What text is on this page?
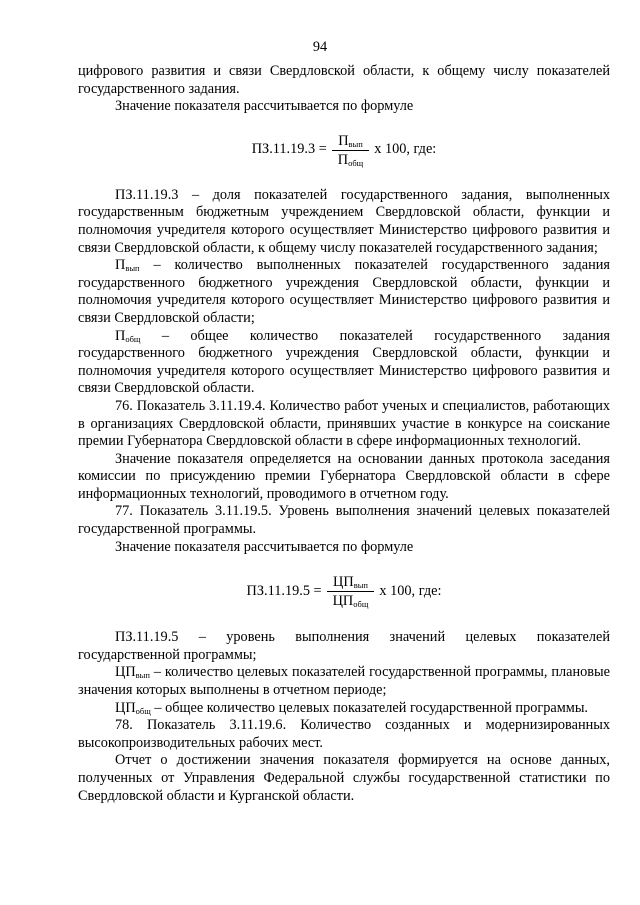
94

цифрового развития и связи Свердловской области, к общему числу показателей государственного задания.

Значение показателя рассчитывается по формуле

$ПЗ.11.19.3 = \frac{П_{вып}}{П_{общ}}$ х 100, где:

ПЗ.11.19.3 – доля показателей государственного задания, выполненных государственным бюджетным учреждением Свердловской области, функции и полномочия учредителя которого осуществляет Министерство цифрового развития и связи Свердловской области, к общему числу показателей государственного задания;

$П_{вып}$ – количество выполненных показателей государственного задания государственного бюджетного учреждения Свердловской области, функции и полномочия учредителя которого осуществляет Министерство цифрового развития и связи Свердловской области;

$П_{общ}$ – общее количество показателей государственного задания государственного бюджетного учреждения Свердловской области, функции и полномочия учредителя которого осуществляет Министерство цифрового развития и связи Свердловской области.

76. Показатель 3.11.19.4. Количество работ ученых и специалистов, работающих в организациях Свердловской области, принявших участие в конкурсе на соискание премии Губернатора Свердловской области в сфере информационных технологий.

Значение показателя определяется на основании данных протокола заседания комиссии по присуждению премии Губернатора Свердловской области в сфере информационных технологий, проводимого в отчетном году.

77. Показатель 3.11.19.5. Уровень выполнения значений целевых показателей государственной программы.

Значение показателя рассчитывается по формуле

$ПЗ.11.19.5 = \frac{ЦП_{вып}}{ЦП_{общ}}$ х 100, где:

ПЗ.11.19.5 – уровень выполнения значений целевых показателей государственной программы;

$ЦП_{вып}$ – количество целевых показателей государственной программы, плановые значения которых выполнены в отчетном периоде;

$ЦП_{общ}$ – общее количество целевых показателей государственной программы.

78. Показатель 3.11.19.6. Количество созданных и модернизированных высокопроизводительных рабочих мест.

Отчет о достижении значения показателя формируется на основе данных, полученных от Управления Федеральной службы государственной статистики по Свердловской области и Курганской области.
